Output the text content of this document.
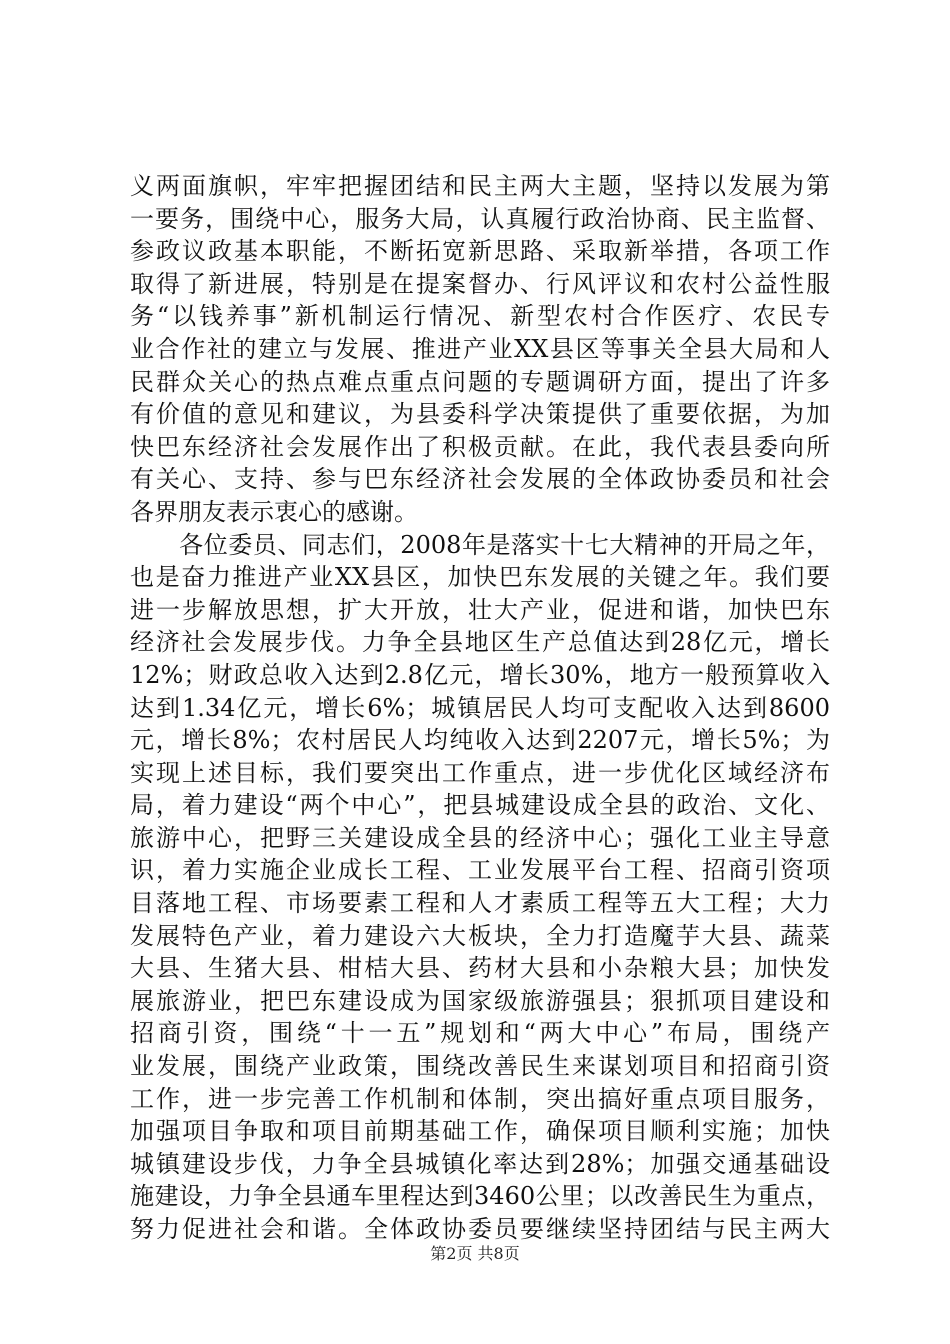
义两面旗帜，牢牢把握团结和民主两大主题，坚持以发展为第
一要务，围绕中心，服务大局，认真履行政治协商、民主监督、
参政议政基本职能，不断拓宽新思路、采取新举措，各项工作
取得了新进展，特别是在提案督办、行风评议和农村公益性服
务“以钱养事”新机制运行情况、新型农村合作医疗、农民专
业合作社的建立与发展、推进产业XX县区等事关全县大局和人
民群众关心的热点难点重点问题的专题调研方面，提出了许多
有价值的意见和建议，为县委科学决策提供了重要依据，为加
快巴东经济社会发展作出了积极贡献。在此，我代表县委向所
有关心、支持、参与巴东经济社会发展的全体政协委员和社会
各界朋友表示衷心的感谢。
　　各位委员、同志们，2008年是落实十七大精神的开局之年，
也是奋力推进产业XX县区，加快巴东发展的关键之年。我们要
进一步解放思想，扩大开放，壮大产业，促进和谐，加快巴东
经济社会发展步伐。力争全县地区生产总值达到28亿元，增长
12%；财政总收入达到2.8亿元，增长30%，地方一般预算收入
达到1.34亿元，增长6%；城镇居民人均可支配收入达到8600
元，增长8%；农村居民人均纯收入达到2207元，增长5%；为
实现上述目标，我们要突出工作重点，进一步优化区域经济布
局，着力建设“两个中心”，把县城建设成全县的政治、文化、
旅游中心，把野三关建设成全县的经济中心；强化工业主导意
识，着力实施企业成长工程、工业发展平台工程、招商引资项
目落地工程、市场要素工程和人才素质工程等五大工程；大力
发展特色产业，着力建设六大板块，全力打造魔芋大县、蔬菜
大县、生猪大县、柑桔大县、药材大县和小杂粮大县；加快发
展旅游业，把巴东建设成为国家级旅游强县；狠抓项目建设和
招商引资，围绕“十一五”规划和“两大中心”布局，围绕产
业发展，围绕产业政策，围绕改善民生来谋划项目和招商引资
工作，进一步完善工作机制和体制，突出搞好重点项目服务，
加强项目争取和项目前期基础工作，确保项目顺利实施；加快
城镇建设步伐，力争全县城镇化率达到28%；加强交通基础设
施建设，力争全县通车里程达到3460公里；以改善民生为重点，
努力促进社会和谐。全体政协委员要继续坚持团结与民主两大
第2页 共8页
